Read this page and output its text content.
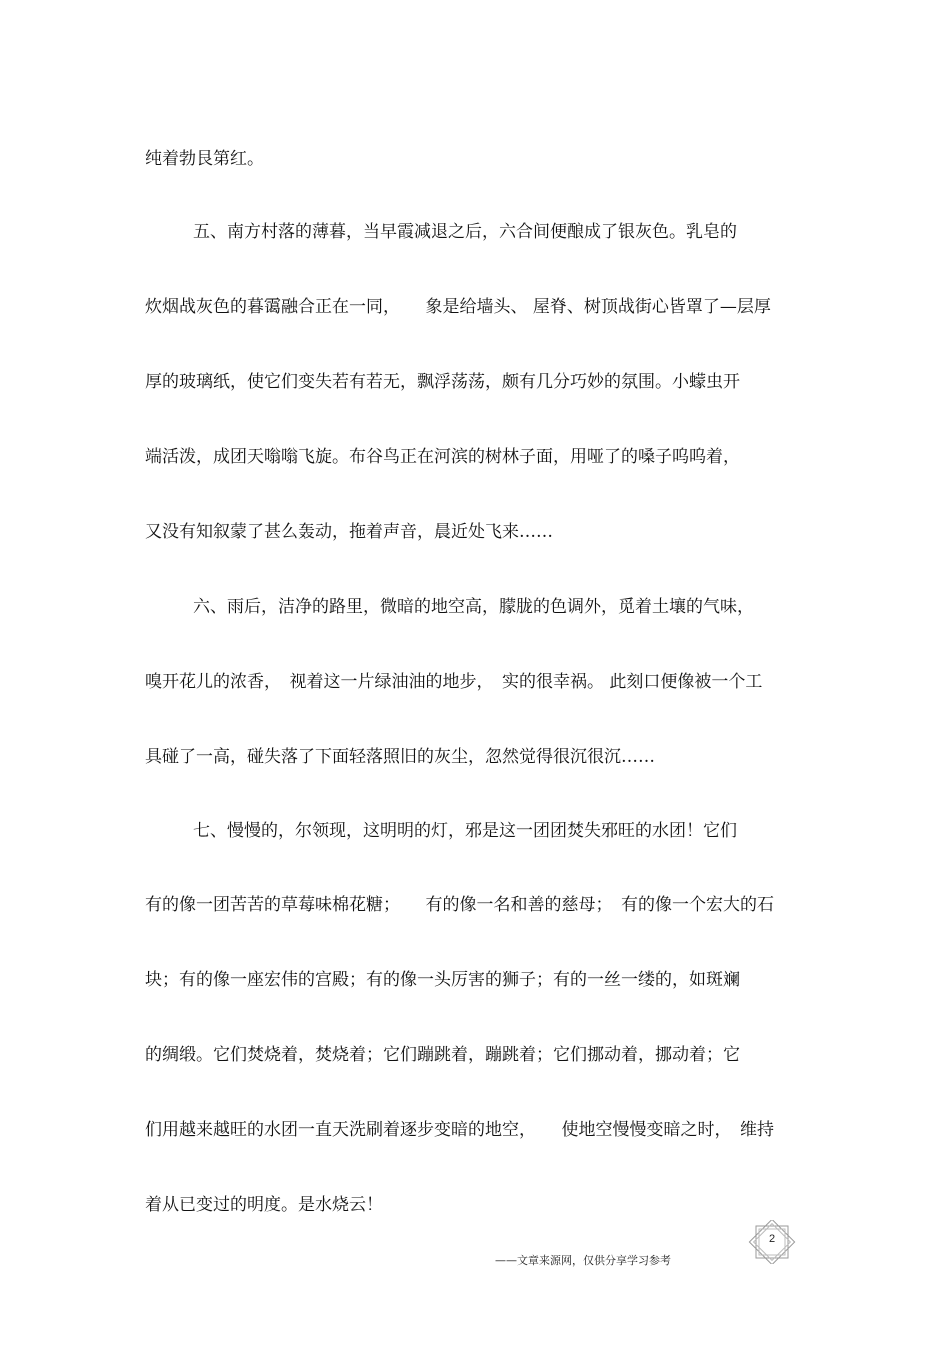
纯着勃艮第红。
五、南方村落的薄暮，当早霞减退之后，六合间便酿成了银灰色。乳皂的
炊烟战灰色的暮霭融合正在一同，　　象是给墙头、 屋脊、树顶战街心皆罩了—层厚
厚的玻璃纸，使它们变失若有若无，飘浮荡荡，颇有几分巧妙的氛围。小蠓虫开
端活泼，成团天嗡嗡飞旋。布谷鸟正在河滨的树林子面，用哑了的嗓子呜呜着，
又没有知叙蒙了甚么轰动，拖着声音，晨近处飞来……
六、雨后，洁净的路里，微暗的地空高，朦胧的色调外，觅着土壤的气味，
嗅开花儿的浓香，　视着这一片绿油油的地步，　实的很幸祸。 此刻口便像被一个工
具碰了一高，碰失落了下面轻落照旧的灰尘，忽然觉得很沉很沉……
七、慢慢的，尔领现，这明明的灯，邪是这一团团焚失邪旺的水团！它们
有的像一团苦苦的草莓味棉花糖；　　有的像一名和善的慈母；　有的像一个宏大的石
块；有的像一座宏伟的宫殿；有的像一头厉害的狮子；有的一丝一缕的，如斑斓
的绸缎。它们焚烧着，焚烧着；它们蹦跳着，蹦跳着；它们挪动着，挪动着；它
们用越来越旺的水团一直天洗刷着逐步变暗的地空，　　使地空慢慢变暗之时，　维持
着从已变过的明度。是水烧云！
——文章来源网，仅供分享学习参考
2
